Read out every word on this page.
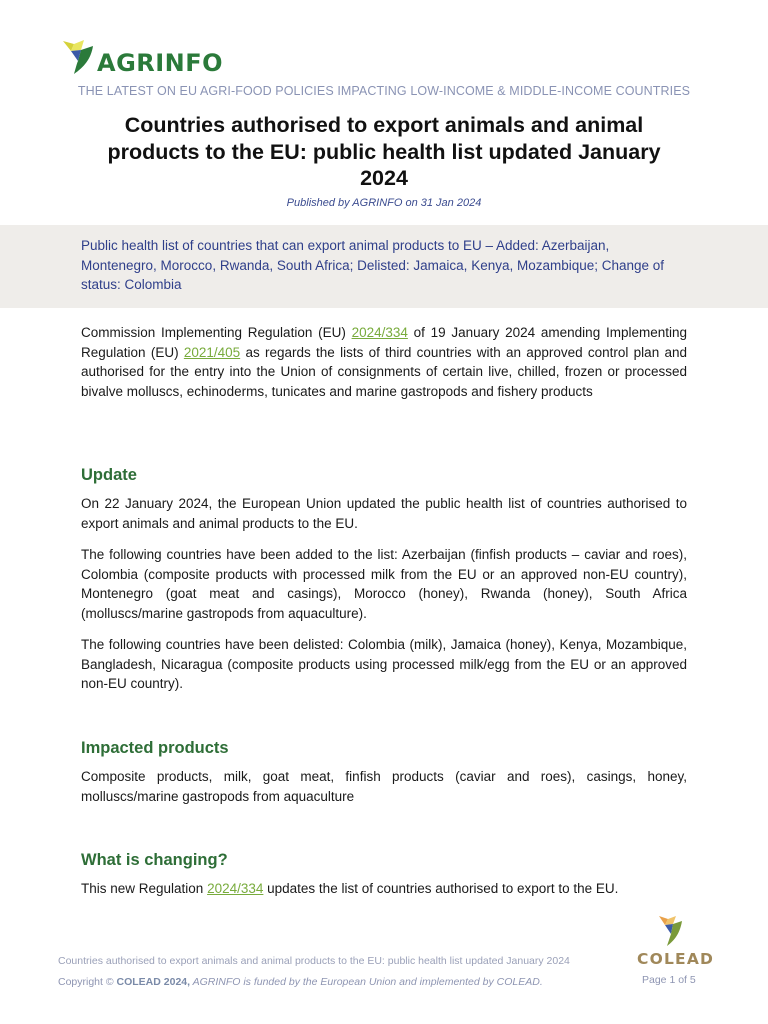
AGRINFO
THE LATEST ON EU AGRI-FOOD POLICIES IMPACTING LOW-INCOME & MIDDLE-INCOME COUNTRIES
Countries authorised to export animals and animal
products to the EU: public health list updated January
2024
Published by AGRINFO on 31 Jan 2024

Public health list of countries that can export animal products to EU – Added: Azerbaijan, Montenegro, Morocco, Rwanda, South Africa; Delisted: Jamaica, Kenya, Mozambique; Change of status: Colombia

Commission Implementing Regulation (EU) 2024/334 of 19 January 2024 amending Implementing Regulation (EU) 2021/405 as regards the lists of third countries with an approved control plan and authorised for the entry into the Union of consignments of certain live, chilled, frozen or processed bivalve molluscs, echinoderms, tunicates and marine gastropods and fishery products

Update

On 22 January 2024, the European Union updated the public health list of countries authorised to export animals and animal products to the EU.

The following countries have been added to the list: Azerbaijan (finfish products – caviar and roes), Colombia (composite products with processed milk from the EU or an approved non-EU country), Montenegro (goat meat and casings), Morocco (honey), Rwanda (honey), South Africa (molluscs/marine gastropods from aquaculture).

The following countries have been delisted: Colombia (milk), Jamaica (honey), Kenya, Mozambique, Bangladesh, Nicaragua (composite products using processed milk/egg from the EU or an approved non-EU country).

Impacted products

Composite products, milk, goat meat, finfish products (caviar and roes), casings, honey, molluscs/marine gastropods from aquaculture

What is changing?

This new Regulation 2024/334 updates the list of countries authorised to export to the EU.

Countries authorised to export animals and animal products to the EU: public health list updated January 2024
Copyright © COLEAD 2024, AGRINFO is funded by the European Union and implemented by COLEAD.
COLEAD
Page 1 of 5
